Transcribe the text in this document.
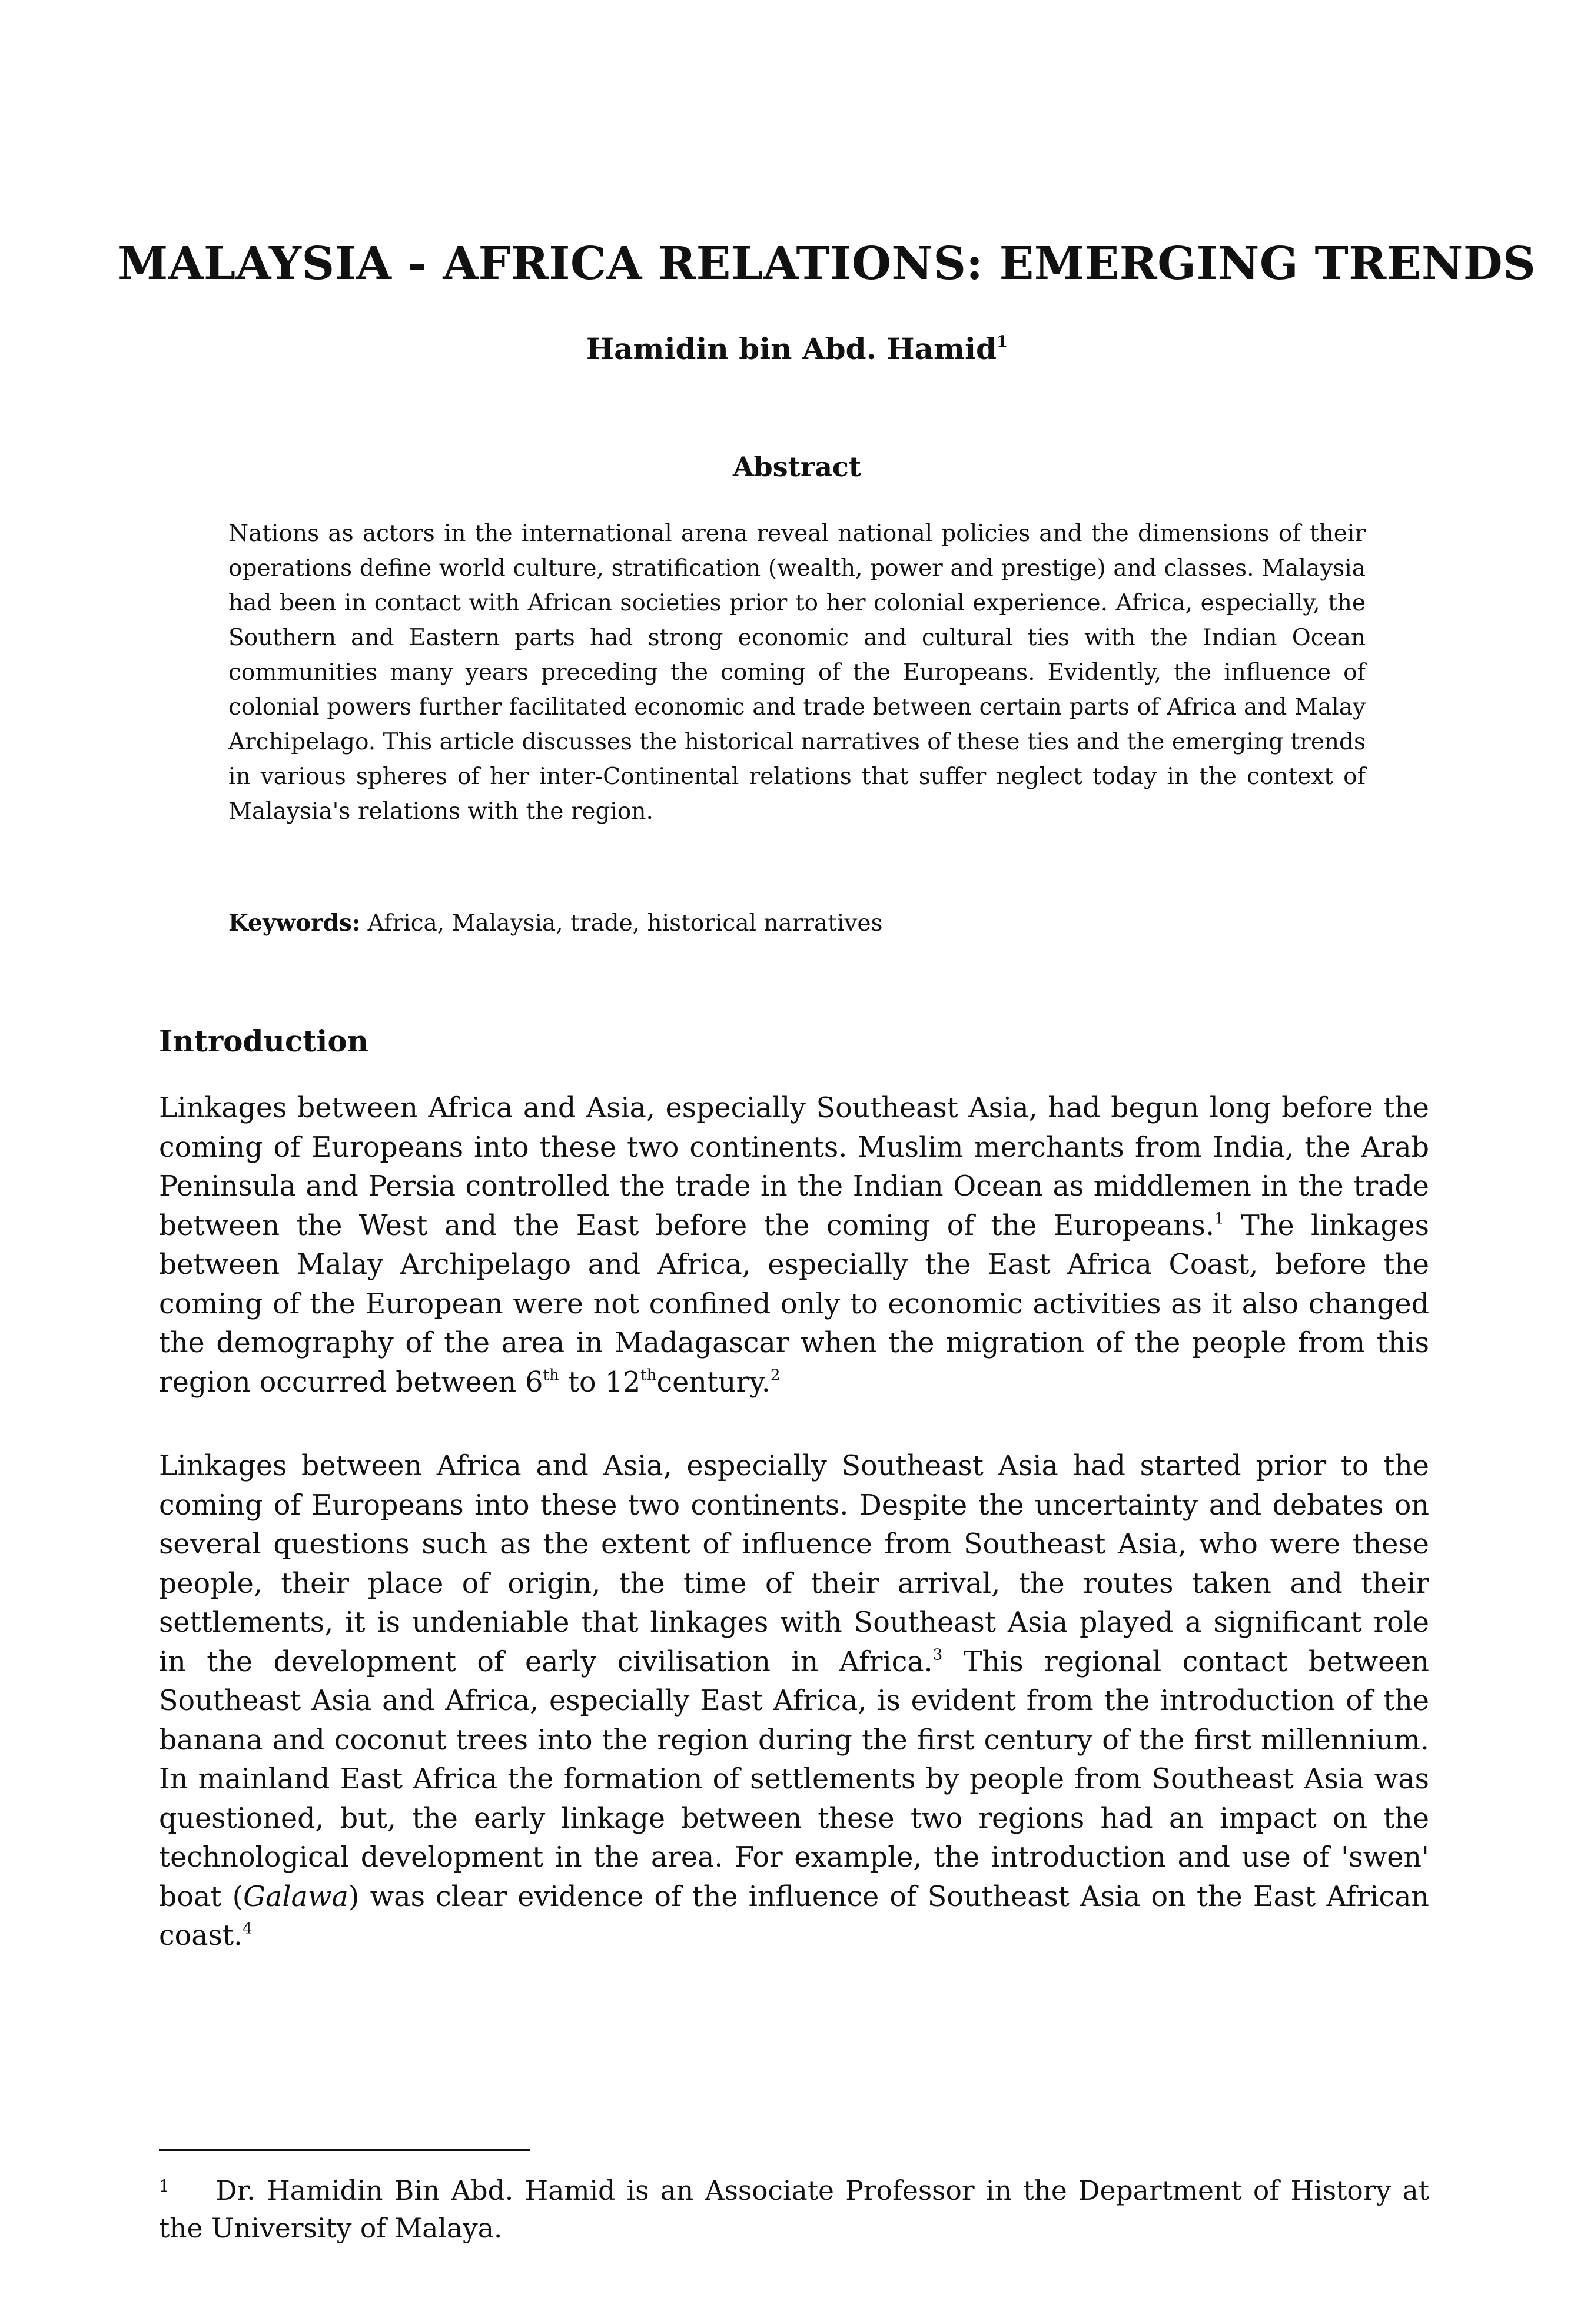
MALAYSIA - AFRICA RELATIONS: EMERGING TRENDS
Hamidin bin Abd. Hamid$^1$
Abstract
Nations as actors in the international arena reveal national policies and the dimensions of their operations define world culture, stratification (wealth, power and prestige) and classes. Malaysia had been in contact with African societies prior to her colonial experience. Africa, especially, the Southern and Eastern parts had strong economic and cultural ties with the Indian Ocean communities many years preceding the coming of the Europeans. Evidently, the influence of colonial powers further facilitated economic and trade between certain parts of Africa and Malay Archipelago. This article discusses the historical narratives of these ties and the emerging trends in various spheres of her inter-Continental relations that suffer neglect today in the context of Malaysia's relations with the region.
Keywords: Africa, Malaysia, trade, historical narratives
Introduction
Linkages between Africa and Asia, especially Southeast Asia, had begun long before the coming of Europeans into these two continents. Muslim merchants from India, the Arab Peninsula and Persia controlled the trade in the Indian Ocean as middlemen in the trade between the West and the East before the coming of the Europeans.$^1$ The linkages between Malay Archipelago and Africa, especially the East Africa Coast, before the coming of the European were not confined only to economic activities as it also changed the demography of the area in Madagascar when the migration of the people from this region occurred between 6th to 12thcentury.$^2$
Linkages between Africa and Asia, especially Southeast Asia had started prior to the coming of Europeans into these two continents. Despite the uncertainty and debates on several questions such as the extent of influence from Southeast Asia, who were these people, their place of origin, the time of their arrival, the routes taken and their settlements, it is undeniable that linkages with Southeast Asia played a significant role in the development of early civilisation in Africa.$^3$ This regional contact between Southeast Asia and Africa, especially East Africa, is evident from the introduction of the banana and coconut trees into the region during the first century of the first millennium. In mainland East Africa the formation of settlements by people from Southeast Asia was questioned, but, the early linkage between these two regions had an impact on the technological development in the area. For example, the introduction and use of 'swen' boat (Galawa) was clear evidence of the influence of Southeast Asia on the East African coast.$^4$
1 Dr. Hamidin Bin Abd. Hamid is an Associate Professor in the Department of History at the University of Malaya.
